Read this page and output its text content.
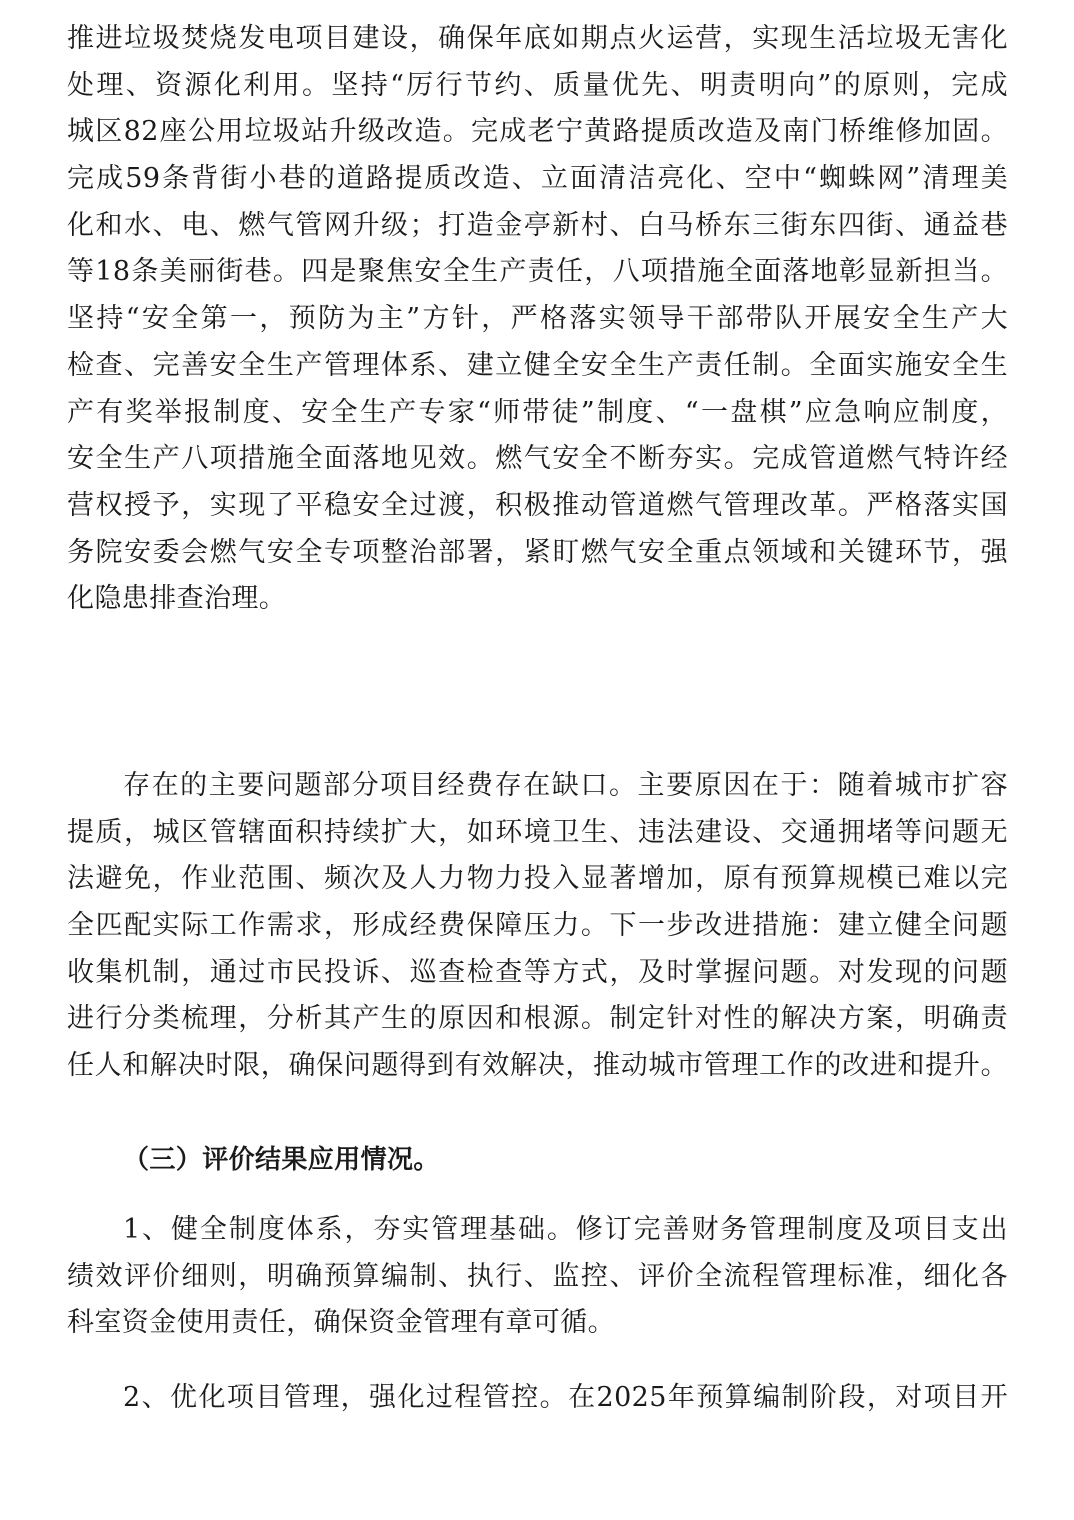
推进垃圾焚烧发电项目建设，确保年底如期点火运营，实现生活垃圾无害化
处理、资源化利用。坚持“厉行节约、质量优先、明责明向”的原则，完成
城区82座公用垃圾站升级改造。完成老宁黄路提质改造及南门桥维修加固。
完成59条背街小巷的道路提质改造、立面清洁亮化、空中“蜘蛛网”清理美
化和水、电、燃气管网升级；打造金亭新村、白马桥东三街东四街、通益巷
等18条美丽街巷。四是聚焦安全生产责任，八项措施全面落地彰显新担当。
坚持“安全第一，预防为主”方针，严格落实领导干部带队开展安全生产大
检查、完善安全生产管理体系、建立健全安全生产责任制。全面实施安全生
产有奖举报制度、安全生产专家“师带徒”制度、“一盘棋”应急响应制度，
安全生产八项措施全面落地见效。燃气安全不断夯实。完成管道燃气特许经
营权授予，实现了平稳安全过渡，积极推动管道燃气管理改革。严格落实国
务院安委会燃气安全专项整治部署，紧盯燃气安全重点领域和关键环节，强
化隐患排查治理。
存在的主要问题部分项目经费存在缺口。主要原因在于：随着城市扩容
提质，城区管辖面积持续扩大，如环境卫生、违法建设、交通拥堵等问题无
法避免，作业范围、频次及人力物力投入显著增加，原有预算规模已难以完
全匹配实际工作需求，形成经费保障压力。下一步改进措施：建立健全问题
收集机制，通过市民投诉、巡查检查等方式，及时掌握问题。对发现的问题
进行分类梳理，分析其产生的原因和根源。制定针对性的解决方案，明确责
任人和解决时限，确保问题得到有效解决，推动城市管理工作的改进和提升。
（三）评价结果应用情况。
1、健全制度体系，夯实管理基础。修订完善财务管理制度及项目支出
绩效评价细则，明确预算编制、执行、监控、评价全流程管理标准，细化各
科室资金使用责任，确保资金管理有章可循。
2、优化项目管理，强化过程管控。在2025年预算编制阶段，对项目开
